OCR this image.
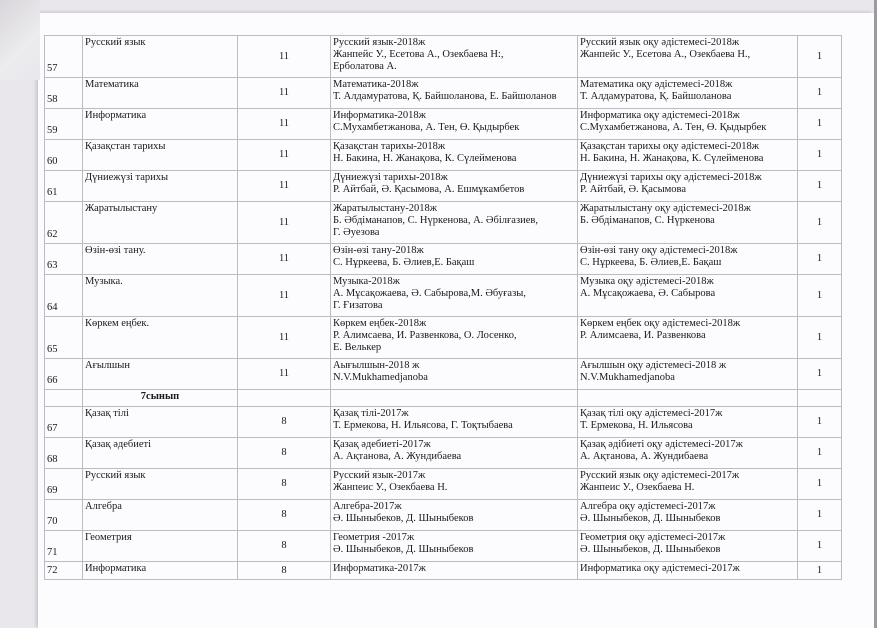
57	Русский язык	11	Русский язык-2018ж
Жанпейс У., Есетова А., Озекбаева Н:,
Ерболатова А.	Русский язык оқу әдістемесі-2018ж
Жанпейс У., Есетова А., Озекбаева Н.,	1
58	Математика	11	Математика-2018ж
Т. Алдамуратова, Қ. Байшоланова, Е. Байшоланов	Математика оқу әдістемесі-2018ж
Т. Алдамуратова, Қ. Байшоланова	1
59	Информатика	11	Информатика-2018ж
С.Мухамбетжанова, А. Тен, Ө. Қыдырбек	Информатика оқу әдістемесі-2018ж
С.Мухамбетжанова, А. Тен, Ө. Қыдырбек	1
60	Қазақстан тарихы	11	Қазақстан тарихы-2018ж
Н. Бакина, Н. Жанақова, К. Сүлейменова	Қазақстан тарихы оқу әдістемесі-2018ж
Н. Бакина, Н. Жанақова, К. Сүлейменова	1
61	Дүниежүзі тарихы	11	Дүниежүзі тарихы-2018ж
Р. Айтбай, Ә. Қасымова, А. Ешмұкамбетов	Дүниежүзі тарихы оқу әдістемесі-2018ж
Р. Айтбай, Ә. Қасымова	1
62	Жаратылыстану	11	Жаратылыстану-2018ж
Б. Әбдіманапов, С. Нүркенова, А. Әбілғазиев,
Г. Әуезова	Жаратылыстану оқу әдістемесі-2018ж
Б. Әбдіманапов, С. Нүркенова	1
63	Өзін-өзі тану.	11	Өзін-өзі тану-2018ж
С. Нұркеева, Б. Әлиев,Е. Бақаш	Өзін-өзі тану оқу әдістемесі-2018ж
С. Нұркеева, Б. Әлиев,Е. Бақаш	1
64	Музыка.	11	Музыка-2018ж
А. Мұсақожаева, Ә. Сабырова,М. Әбуғазы,
Г. Ғизатова	Музыка оқу әдістемесі-2018ж
А. Мұсақожаева, Ә. Сабырова	1
65	Көркем еңбек.	11	Көркем еңбек-2018ж
Р. Алимсаева, И. Развенкова, О. Лосенко,
Е. Велькер	Көркем еңбек оқу әдістемесі-2018ж
Р. Алимсаева, И. Развенкова	1
66	Ағылшын	11	Аығылшын-2018 ж
N.V.Mukhamedjanoba	Ағылшын оқу әдістемесі-2018 ж
N.V.Mukhamedjanoba	1
	7сынып				
67	Қазақ тілі	8	Қазақ тілі-2017ж
Т. Ермекова, Н. Ильясова, Г. Тоқтыбаева	Қазақ тілі оқу әдістемесі-2017ж
Т. Ермекова, Н. Ильясова	1
68	Қазақ әдебиеті	8	Қазақ әдебиеті-2017ж
А. Ақтанова, А. Жундибаева	Қазақ әдібиеті оқу әдістемесі-2017ж
А. Ақтанова, А. Жундибаева	1
69	Русский язык	8	Русский язык-2017ж
Жанпеис У., Озекбаева Н.	Русский язык оқу әдістемесі-2017ж
Жанпеис У., Озекбаева Н.	1
70	Алгебра	8	Алгебра-2017ж
Ә. Шыныбеков, Д. Шыныбеков	Алгебра оқу әдістемесі-2017ж
Ә. Шыныбеков, Д. Шыныбеков	1
71	Геометрия	8	Геометрия -2017ж
Ә. Шыныбеков, Д. Шыныбеков	Геометрия оқу әдістемесі-2017ж
Ә. Шыныбеков, Д. Шыныбеков	1
72	Информатика	8	Информатика-2017ж	Информатика оқу әдістемесі-2017ж	1
